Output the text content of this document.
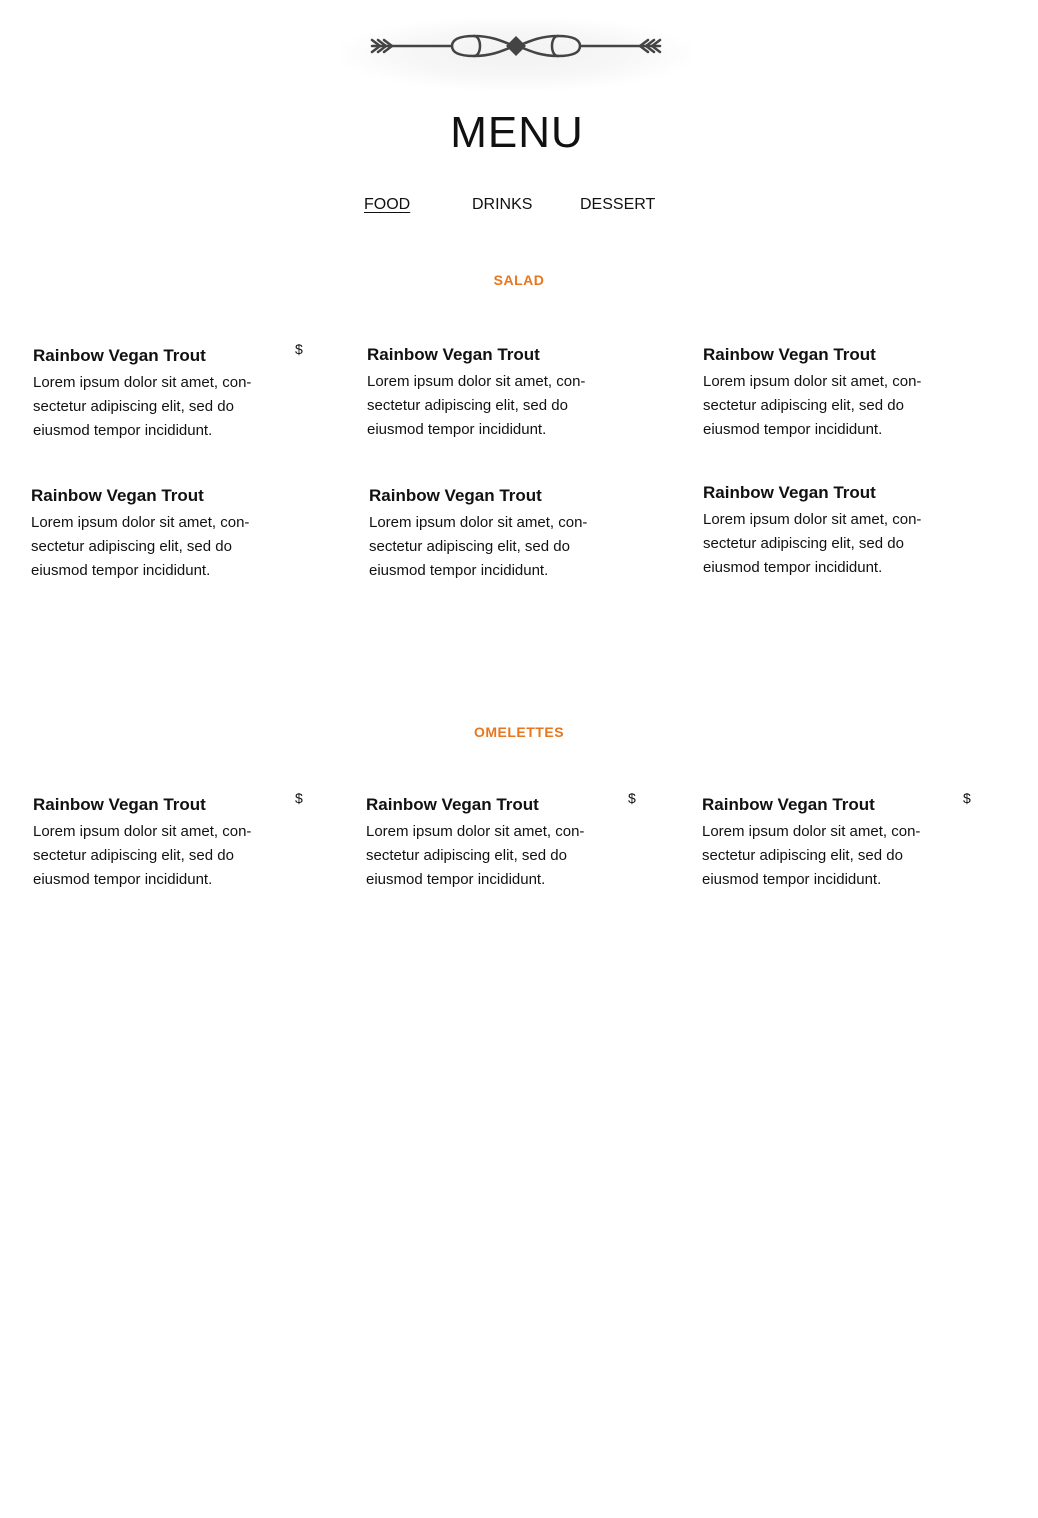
MENU
FOOD	DRINKS	DESSERT
SALAD

Rainbow Vegan Trout

Lorem ipsum dolor sit amet, con-sectetur adipiscing elit, sed do eiusmod tempor incididunt.

$	Rainbow Vegan Trout

Lorem ipsum dolor sit amet, con-sectetur adipiscing elit, sed do eiusmod tempor incididunt.

Rainbow Vegan Trout

Lorem ipsum dolor sit amet, con-sectetur adipiscing elit, sed do eiusmod tempor incididunt.

Rainbow Vegan Trout

Lorem ipsum dolor sit amet, con-sectetur adipiscing elit, sed do eiusmod tempor incididunt.

Rainbow Vegan Trout

Lorem ipsum dolor sit amet, con-sectetur adipiscing elit, sed do eiusmod tempor incididunt.

Rainbow Vegan Trout

Lorem ipsum dolor sit amet, con-sectetur adipiscing elit, sed do eiusmod tempor incididunt.

OMELETTES

Rainbow Vegan Trout

Lorem ipsum dolor sit amet, con-sectetur adipiscing elit, sed do eiusmod tempor incididunt.

$	Rainbow Vegan Trout

Lorem ipsum dolor sit amet, con-sectetur adipiscing elit, sed do eiusmod tempor incididunt.

$	Rainbow Vegan Trout

Lorem ipsum dolor sit amet, con-sectetur adipiscing elit, sed do eiusmod tempor incididunt.

$
